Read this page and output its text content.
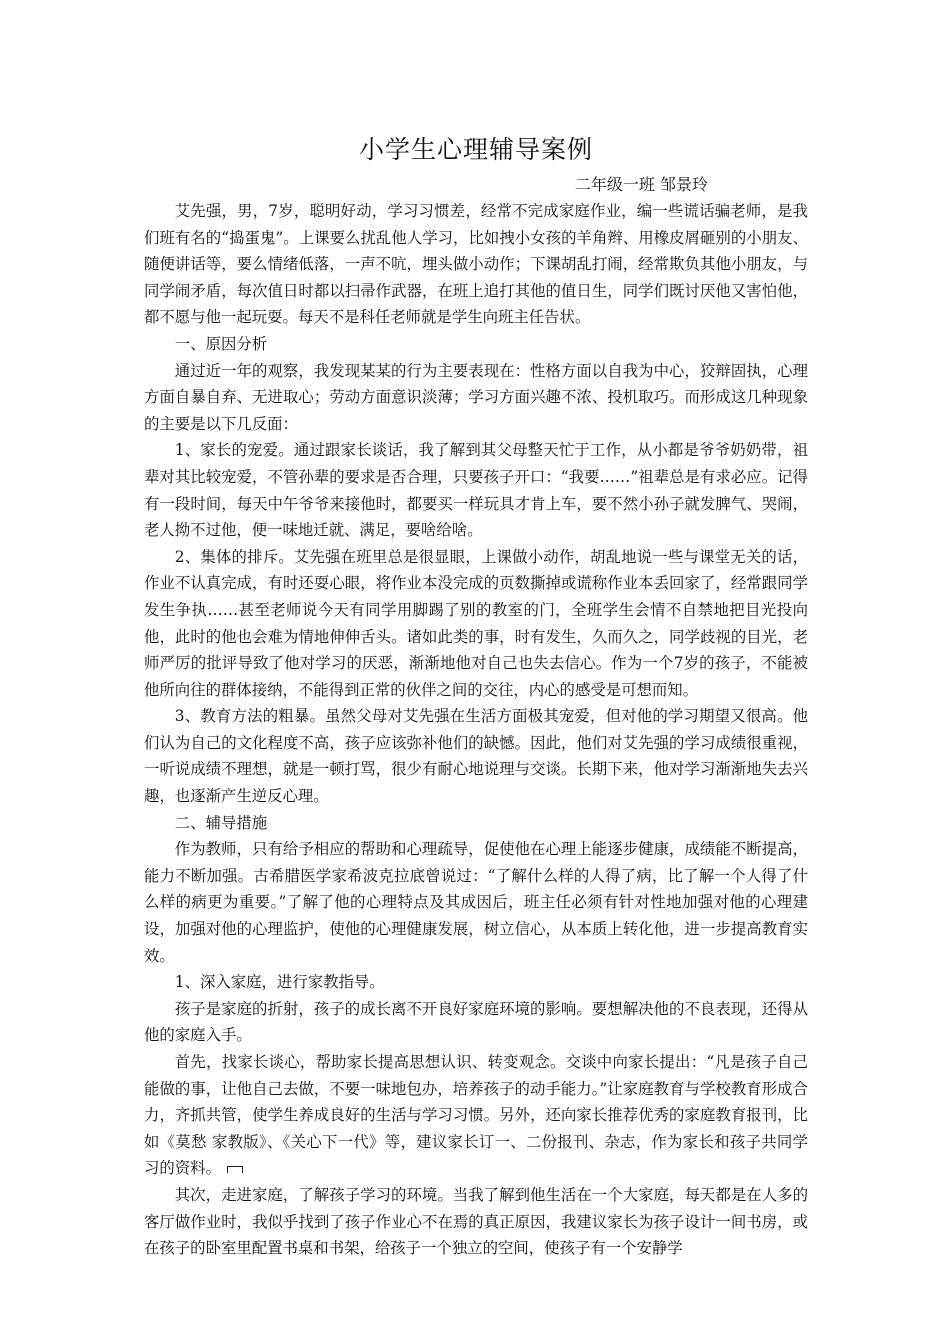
小学生心理辅导案例

二年级一班 邹景玲

艾先强，男，7岁，聪明好动，学习习惯差，经常不完成家庭作业，编一些谎话骗老师，是我们班有名的“捣蛋鬼”。上课要么扰乱他人学习，比如拽小女孩的羊角辫、用橡皮屑砸别的小朋友、随便讲话等，要么情绪低落，一声不吭，埋头做小动作；下课胡乱打闹，经常欺负其他小朋友，与同学闹矛盾，每次值日时都以扫帚作武器，在班上追打其他的值日生，同学们既讨厌他又害怕他，都不愿与他一起玩耍。每天不是科任老师就是学生向班主任告状。

一、原因分析

通过近一年的观察，我发现某某的行为主要表现在：性格方面以自我为中心，狡辩固执，心理方面自暴自弃、无进取心；劳动方面意识淡薄；学习方面兴趣不浓、投机取巧。而形成这几种现象的主要是以下几反面：

1、家长的宠爱。通过跟家长谈话，我了解到其父母整天忙于工作，从小都是爷爷奶奶带，祖辈对其比较宠爱，不管孙辈的要求是否合理，只要孩子开口：“我要……”祖辈总是有求必应。记得有一段时间，每天中午爷爷来接他时，都要买一样玩具才肯上车，要不然小孙子就发脾气、哭闹，老人拗不过他，便一味地迁就、满足，要啥给啥。

2、集体的排斥。艾先强在班里总是很显眼，上课做小动作，胡乱地说一些与课堂无关的话，作业不认真完成，有时还耍心眼，将作业本没完成的页数撕掉或谎称作业本丢回家了，经常跟同学发生争执……甚至老师说今天有同学用脚踢了别的教室的门，全班学生会情不自禁地把目光投向他，此时的他也会难为情地伸伸舌头。诸如此类的事，时有发生，久而久之，同学歧视的目光，老师严厉的批评导致了他对学习的厌恶，渐渐地他对自己也失去信心。作为一个7岁的孩子，不能被他所向往的群体接纳，不能得到正常的伙伴之间的交往，内心的感受是可想而知。

3、教育方法的粗暴。虽然父母对艾先强在生活方面极其宠爱，但对他的学习期望又很高。他们认为自己的文化程度不高，孩子应该弥补他们的缺憾。因此，他们对艾先强的学习成绩很重视，一听说成绩不理想，就是一顿打骂，很少有耐心地说理与交谈。长期下来，他对学习渐渐地失去兴趣，也逐渐产生逆反心理。

二、辅导措施

作为教师，只有给予相应的帮助和心理疏导，促使他在心理上能逐步健康，成绩能不断提高，能力不断加强。古希腊医学家希波克拉底曾说过：“了解什么样的人得了病，比了解一个人得了什么样的病更为重要。”了解了他的心理特点及其成因后，班主任必须有针对性地加强对他的心理建设，加强对他的心理监护，使他的心理健康发展，树立信心，从本质上转化他，进一步提高教育实效。

1、深入家庭，进行家教指导。

孩子是家庭的折射，孩子的成长离不开良好家庭环境的影响。要想解决他的不良表现，还得从他的家庭入手。

首先，找家长谈心，帮助家长提高思想认识、转变观念。交谈中向家长提出：“凡是孩子自己能做的事，让他自己去做，不要一味地包办，培养孩子的动手能力。”让家庭教育与学校教育形成合力，齐抓共管，使学生养成良好的生活与学习习惯。另外，还向家长推荐优秀的家庭教育报刊，比如《莫愁 家教版》、《关心下一代》等，建议家长订一、二份报刊、杂志，作为家长和孩子共同学习的资料。

其次，走进家庭，了解孩子学习的环境。当我了解到他生活在一个大家庭，每天都是在人多的客厅做作业时，我似乎找到了孩子作业心不在焉的真正原因，我建议家长为孩子设计一间书房，或在孩子的卧室里配置书桌和书架，给孩子一个独立的空间，使孩子有一个安静学
